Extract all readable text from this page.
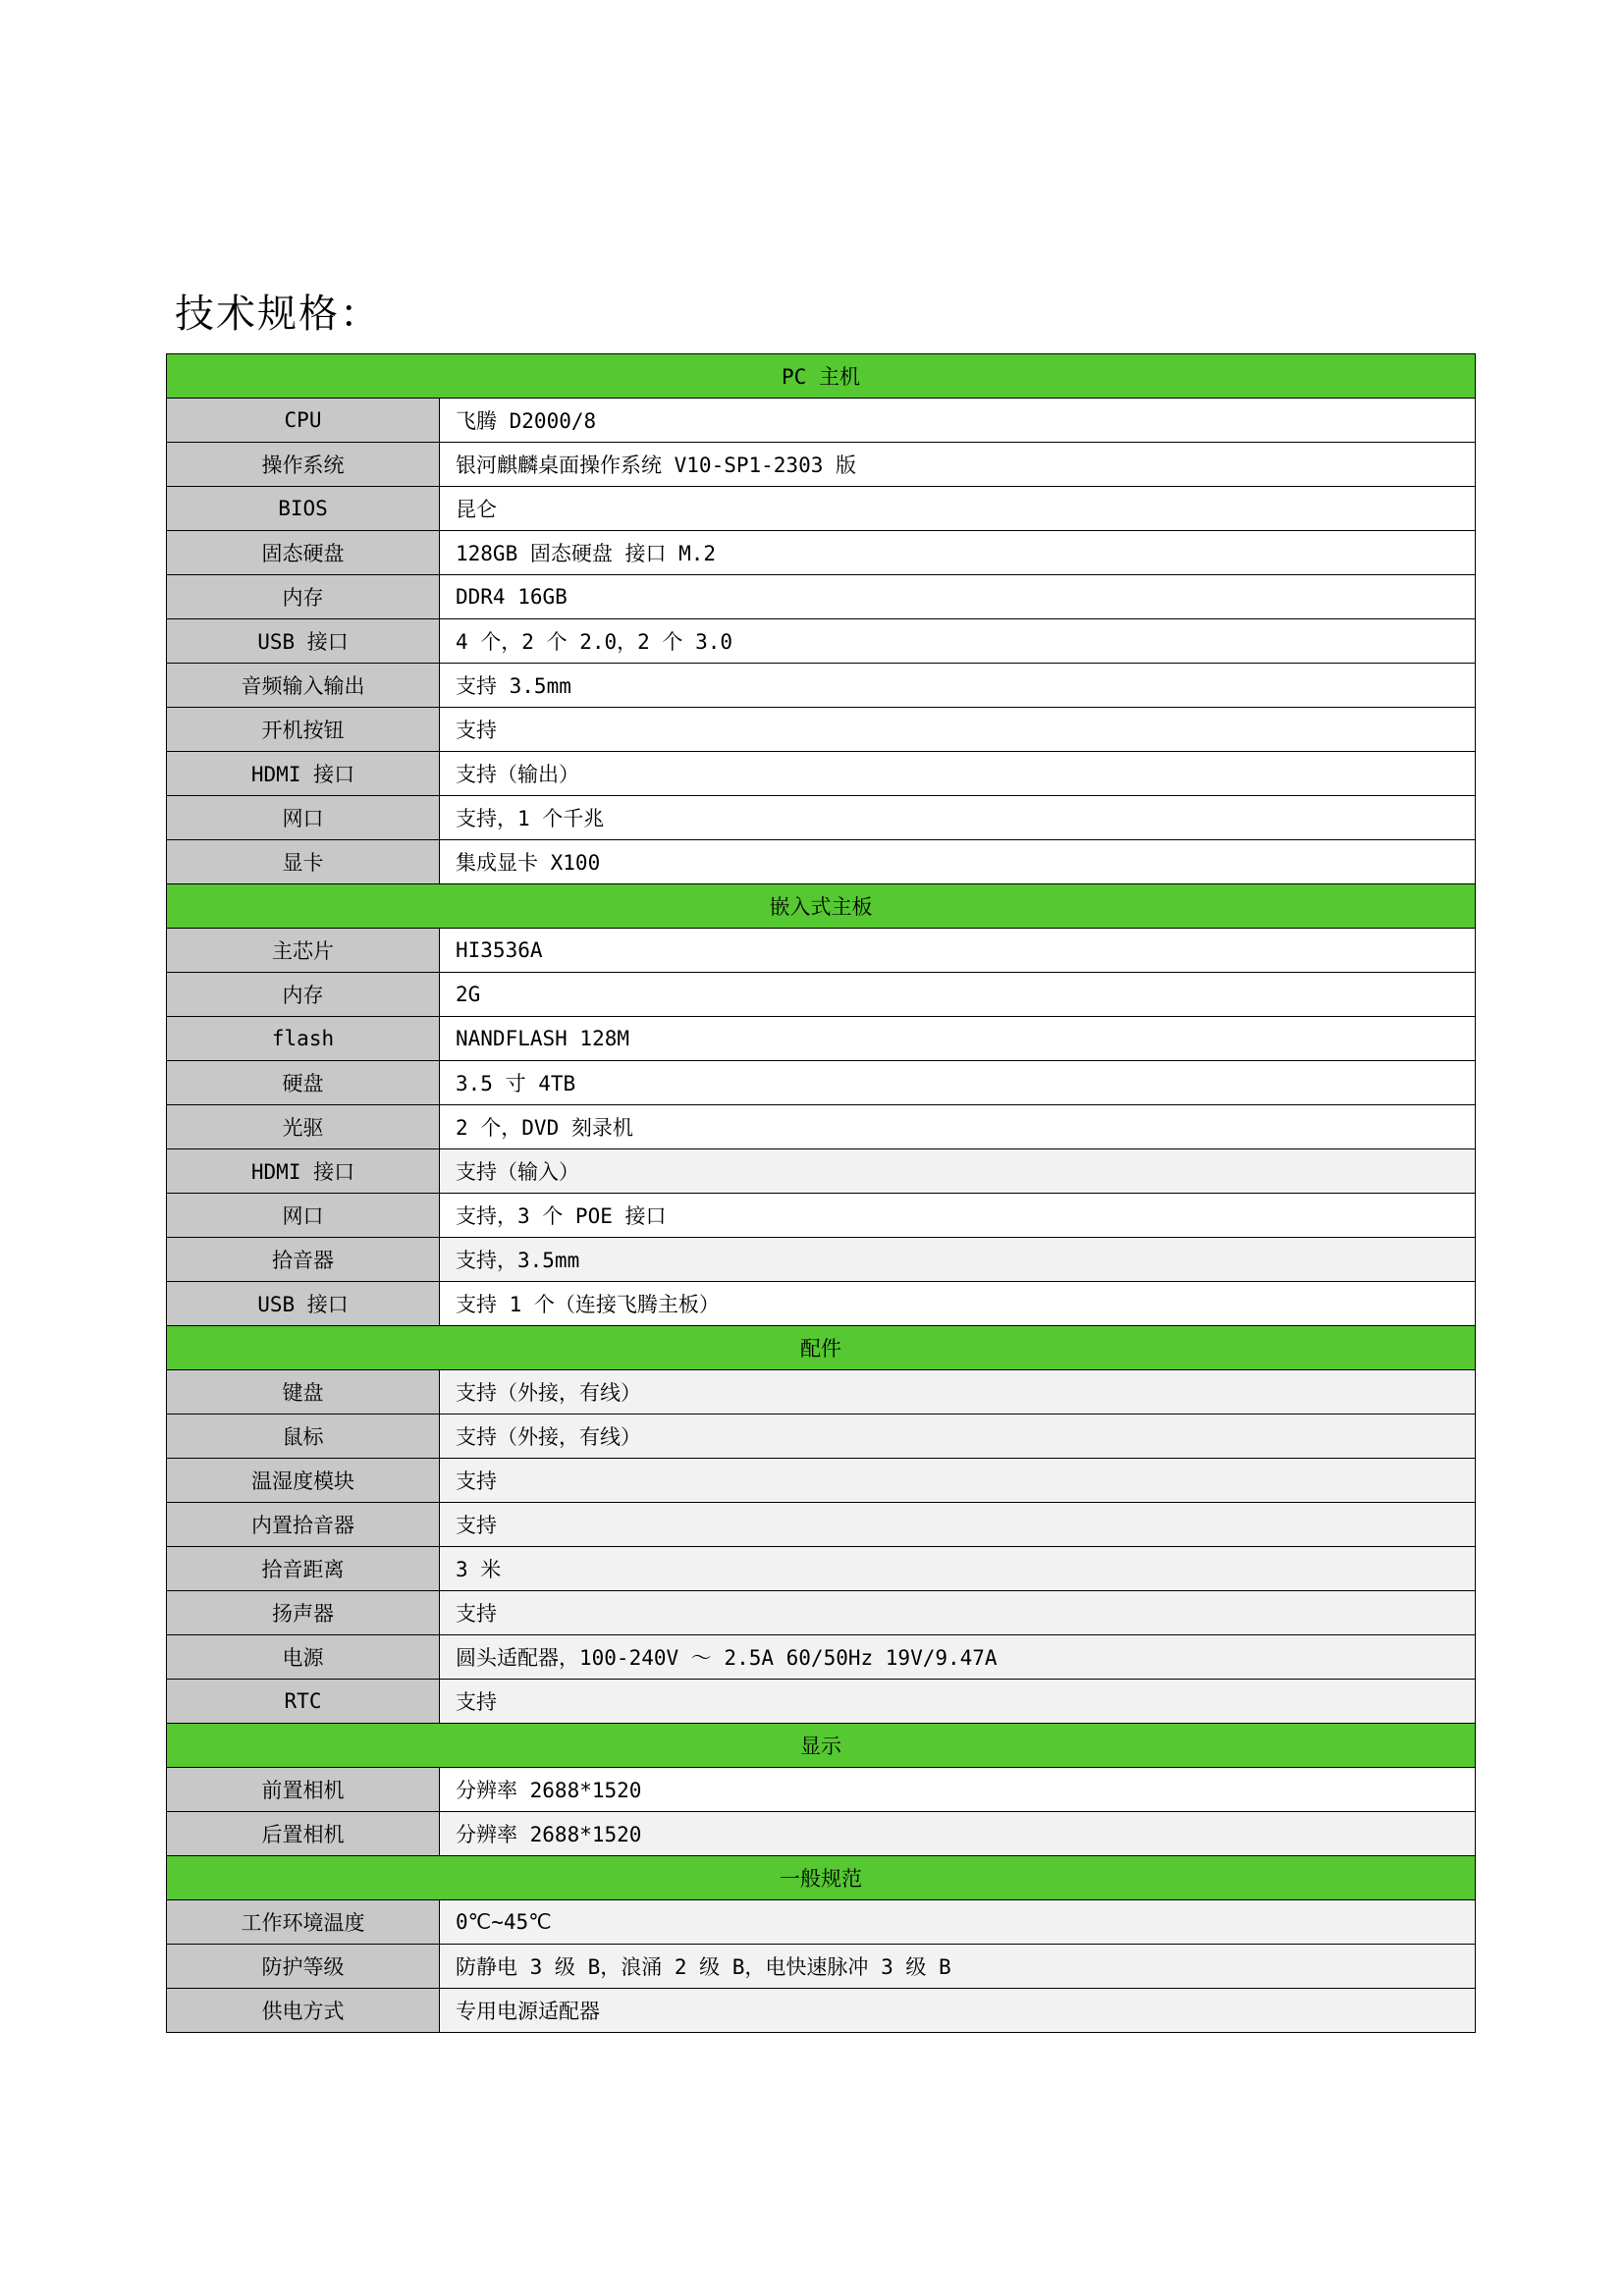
技术规格：
PC 主机	
CPU	飞腾 D2000/8
操作系统	银河麒麟桌面操作系统 V10-SP1-2303 版
BIOS	昆仑
固态硬盘	128GB 固态硬盘 接口 M.2
内存	DDR4 16GB
USB 接口	4 个，2 个 2.0，2 个 3.0
音频输入输出	支持 3.5mm
开机按钮	支持
HDMI 接口	支持（输出）
网口	支持，1 个千兆
显卡	集成显卡 X100
嵌入式主板	
主芯片	HI3536A
内存	2G
flash	NANDFLASH 128M
硬盘	3.5 寸 4TB
光驱	2 个，DVD 刻录机
HDMI 接口	支持（输入）
网口	支持，3 个 POE 接口
拾音器	支持，3.5mm
USB 接口	支持 1 个（连接飞腾主板）
配件	
键盘	支持（外接，有线）
鼠标	支持（外接，有线）
温湿度模块	支持
内置拾音器	支持
拾音距离	3 米
扬声器	支持
电源	圆头适配器，100-240V ～ 2.5A 60/50Hz 19V/9.47A
RTC	支持
显示	
前置相机	分辨率 2688*1520
后置相机	分辨率 2688*1520
一般规范	
工作环境温度	0℃~45℃
防护等级	防静电 3 级 B，浪涌 2 级 B，电快速脉冲 3 级 B
供电方式	专用电源适配器
